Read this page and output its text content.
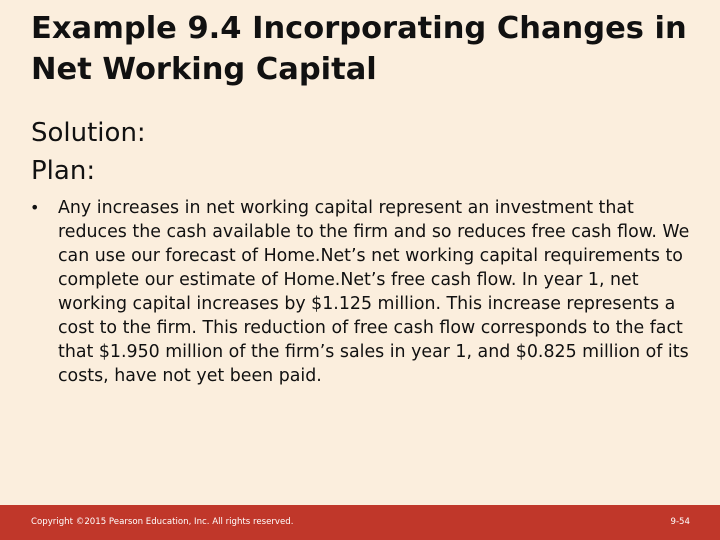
Example 9.4 Incorporating Changes in Net Working Capital
Solution:
Plan:
• Any increases in net working capital represent an investment that reduces the cash available to the firm and so reduces free cash flow. We can use our forecast of Home.Net’s net working capital requirements to complete our estimate of Home.Net’s free cash flow. In year 1, net working capital increases by $1.125 million. This increase represents a cost to the firm. This reduction of free cash flow corresponds to the fact that $1.950 million of the firm’s sales in year 1, and $0.825 million of its costs, have not yet been paid.
Copyright ©2015 Pearson Education, Inc. All rights reserved.	9-54
